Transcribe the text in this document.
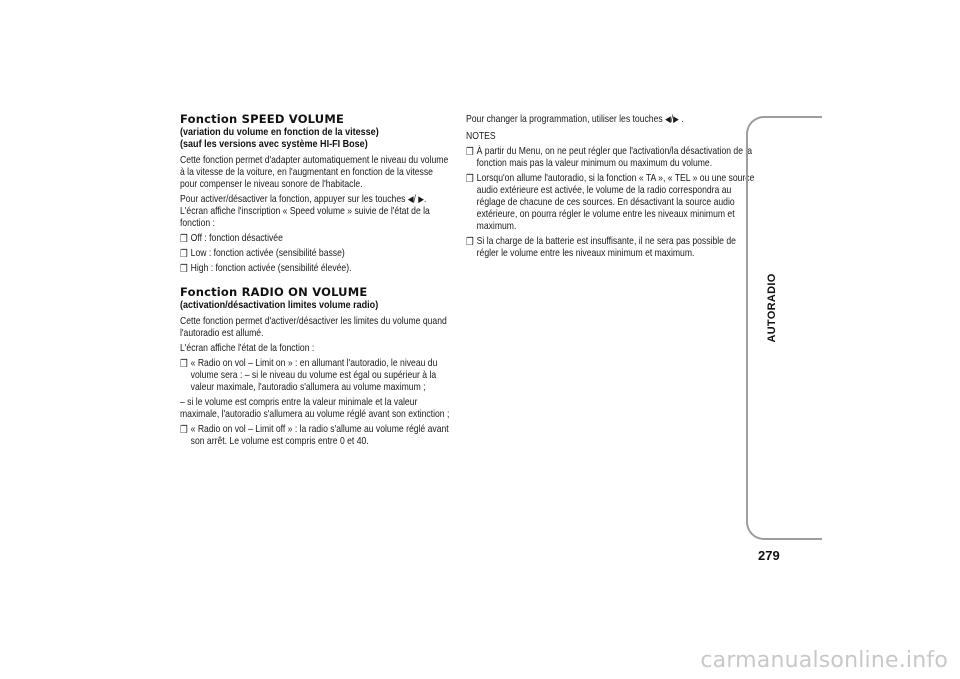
Fonction SPEED VOLUME
(variation du volume en fonction de la vitesse)
(sauf les versions avec système HI-FI Bose)
Cette fonction permet d'adapter automatiquement le niveau du volume à la vitesse de la voiture, en l'augmentant en fonction de la vitesse pour compenser le niveau sonore de l'habitacle.
Pour activer/désactiver la fonction, appuyer sur les touches ◀/ ▶. L'écran affiche l'inscription « Speed volume » suivie de l'état de la fonction :
❒ Off : fonction désactivée
❒ Low : fonction activée (sensibilité basse)
❒ High : fonction activée (sensibilité élevée).
Fonction RADIO ON VOLUME
(activation/désactivation limites volume radio)
Cette fonction permet d'activer/désactiver les limites du volume quand l'autoradio est allumé.
L'écran affiche l'état de la fonction :
❒ « Radio on vol – Limit on » : en allumant l'autoradio, le niveau du volume sera : – si le niveau du volume est égal ou supérieur à la valeur maximale, l'autoradio s'allumera au volume maximum ;
– si le volume est compris entre la valeur minimale et la valeur maximale, l'autoradio s'allumera au volume réglé avant son extinction ;
❒ « Radio on vol – Limit off » : la radio s'allume au volume réglé avant son arrêt. Le volume est compris entre 0 et 40.
Pour changer la programmation, utiliser les touches ◀/▶ .
NOTES
❒ À partir du Menu, on ne peut régler que l'activation/la désactivation de la fonction mais pas la valeur minimum ou maximum du volume.
❒ Lorsqu'on allume l'autoradio, si la fonction « TA », « TEL » ou une source audio extérieure est activée, le volume de la radio correspondra au réglage de chacune de ces sources. En désactivant la source audio extérieure, on pourra régler le volume entre les niveaux minimum et maximum.
❒ Si la charge de la batterie est insuffisante, il ne sera pas possible de régler le volume entre les niveaux minimum et maximum.
AUTORADIO
279
carmanualsonline.info
